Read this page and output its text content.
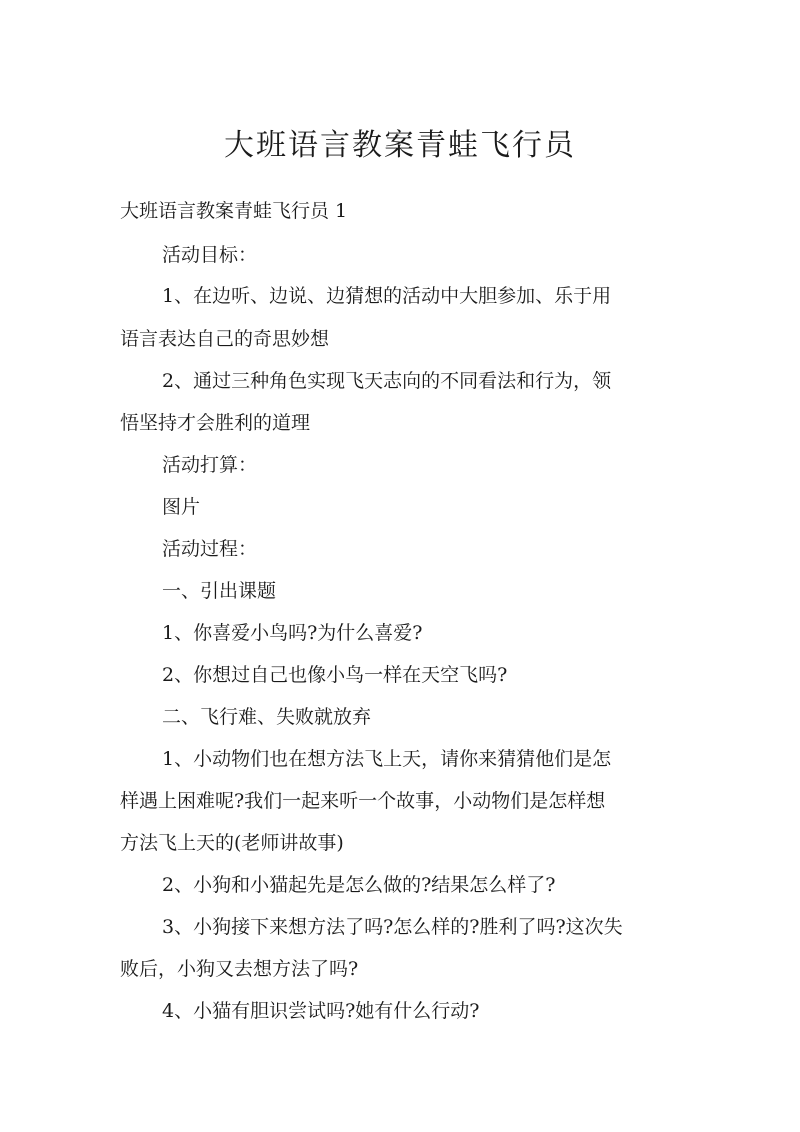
大班语言教案青蛙飞行员
大班语言教案青蛙飞行员 1
活动目标：
1、在边听、边说、边猜想的活动中大胆参加、乐于用
语言表达自己的奇思妙想
2、通过三种角色实现飞天志向的不同看法和行为，领
悟坚持才会胜利的道理
活动打算：
图片
活动过程：
一、引出课题
1、你喜爱小鸟吗?为什么喜爱?
2、你想过自己也像小鸟一样在天空飞吗?
二、飞行难、失败就放弃
1、小动物们也在想方法飞上天，请你来猜猜他们是怎
样遇上困难呢?我们一起来听一个故事，小动物们是怎样想
方法飞上天的(老师讲故事)
2、小狗和小猫起先是怎么做的?结果怎么样了?
3、小狗接下来想方法了吗?怎么样的?胜利了吗?这次失
败后，小狗又去想方法了吗?
4、小猫有胆识尝试吗?她有什么行动?
